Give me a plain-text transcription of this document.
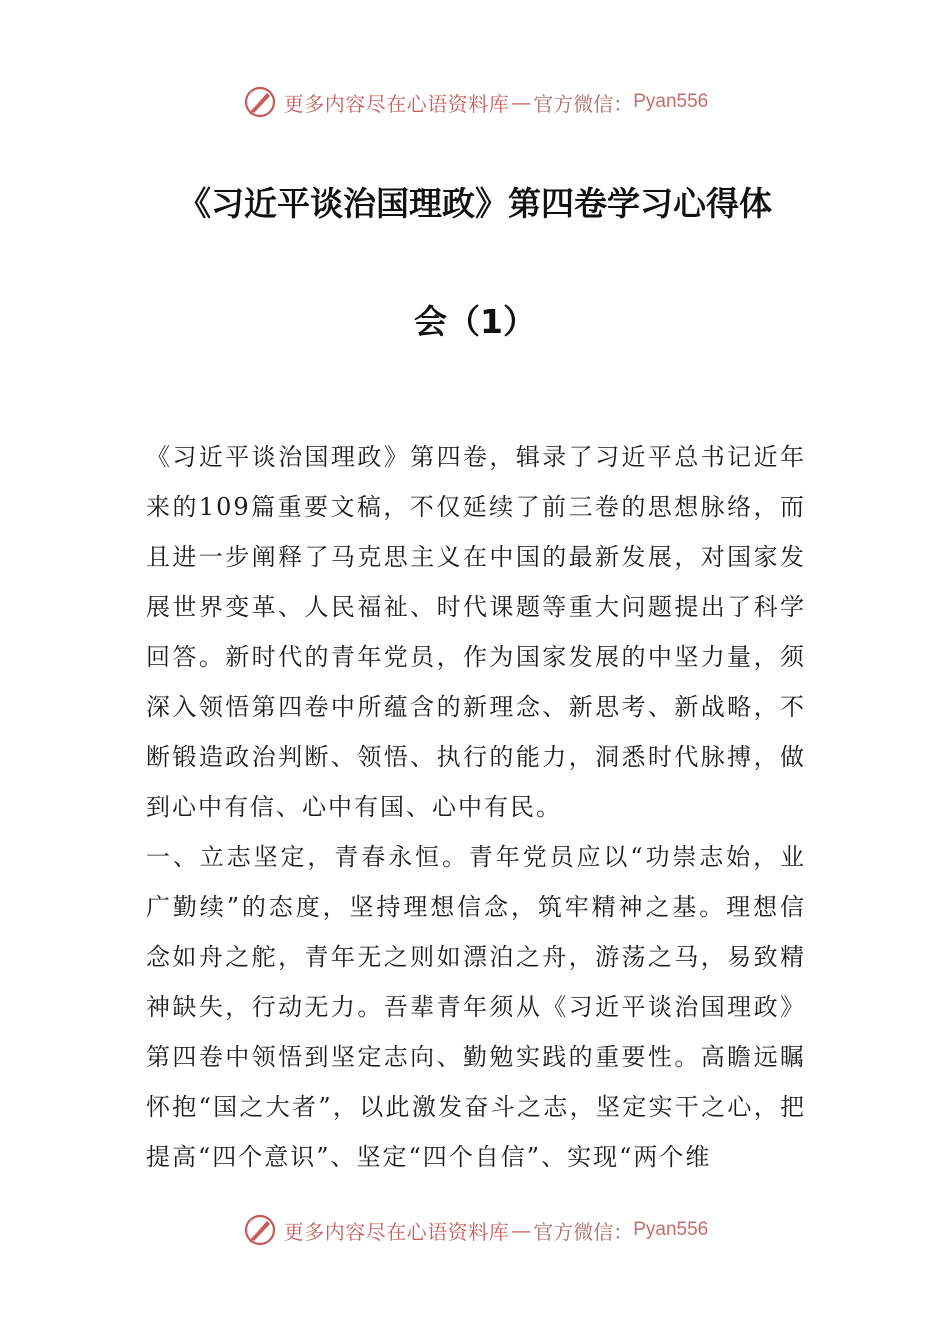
更多内容尽在心语资料库 — 官方微信： Pyan556
《习近平谈治国理政》第四卷学习心得体
会（1）

《习近平谈治国理政》第四卷，辑录了习近平总书记近年来的109篇重要文稿，不仅延续了前三卷的思想脉络，而且进一步阐释了马克思主义在中国的最新发展，对国家发展世界变革、人民福祉、时代课题等重大问题提出了科学回答。新时代的青年党员，作为国家发展的中坚力量，须深入领悟第四卷中所蕴含的新理念、新思考、新战略，不断锻造政治判断、领悟、执行的能力，洞悉时代脉搏，做到心中有信、心中有国、心中有民。

一、立志坚定，青春永恒。青年党员应以“功崇志始，业广勤续”的态度，坚持理想信念，筑牢精神之基。理想信念如舟之舵，青年无之则如漂泊之舟，游荡之马，易致精神缺失，行动无力。吾辈青年须从《习近平谈治国理政》第四卷中领悟到坚定志向、勤勉实践的重要性。高瞻远瞩怀抱“国之大者”，以此激发奋斗之志，坚定实干之心，把提高“四个意识”、坚定“四个自信”、实现“两个维

更多内容尽在心语资料库 — 官方微信： Pyan556
